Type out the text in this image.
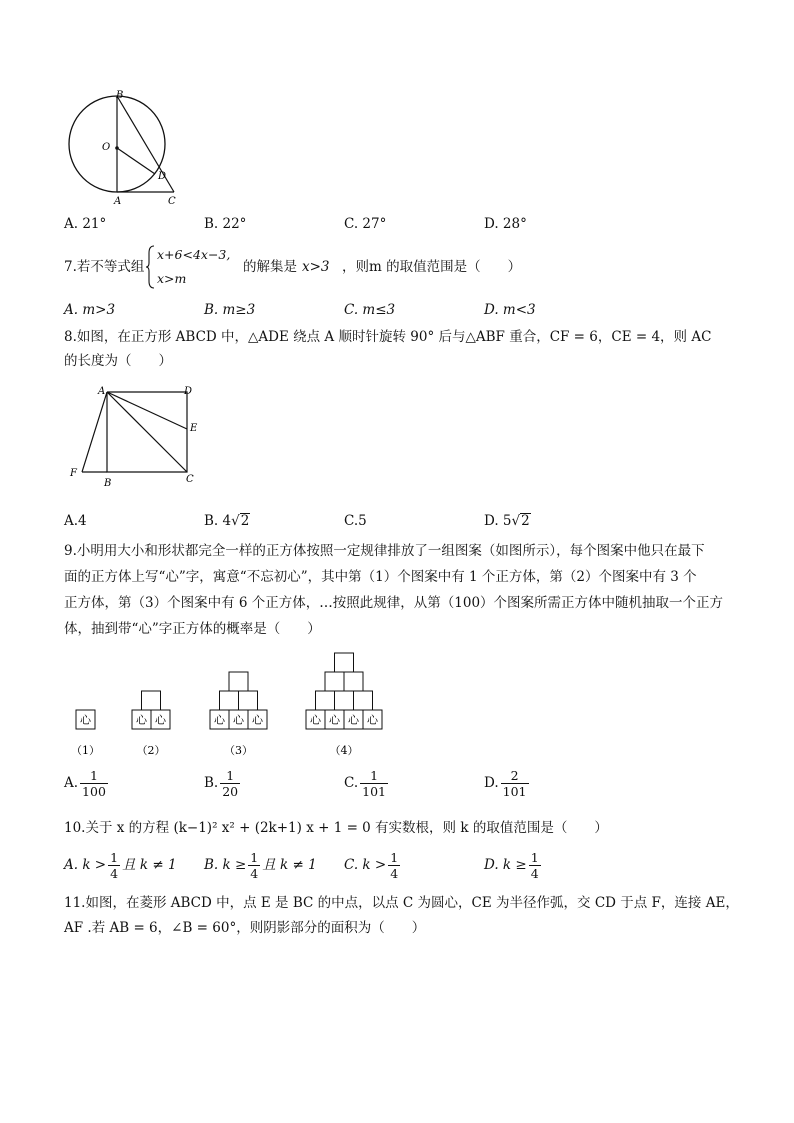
B
O
D
A	C
A. 21°	B. 22°	C. 27°	D. 28°
7.若不等式组
x+6<4x−3,
x>m
的解集是 x>3 ，则m 的取值范围是（　　）
A. m>3	B. m≥3	C. m≤3	D. m<3
8.如图，在正方形 ABCD 中，△ADE 绕点 A 顺时针旋转 90° 后与△ABF 重合，CF = 6，CE = 4，则 AC
的长度为（　　）
A	D
E
F
B	C
A.4	B. 4√2	C.5	D. 5√2
9.小明用大小和形状都完全一样的正方体按照一定规律排放了一组图案（如图所示），每个图案中他只在最下
面的正方体上写“心”字，寓意“不忘初心”，其中第（1）个图案中有 1 个正方体，第（2）个图案中有 3 个
正方体，第（3）个图案中有 6 个正方体，…按照此规律，从第（100）个图案所需正方体中随机抽取一个正方
体，抽到带“心”字正方体的概率是（　　）
心
（1）
心 心
（2）
心 心 心
（3）
心 心 心 心
（4）
A. $\frac{1}{100}$	B. $\frac{1}{20}$	C. $\frac{1}{101}$	D. $\frac{2}{101}$
10.关于 x 的方程 (k−1)² x² + (2k+1) x + 1 = 0 有实数根，则 k 的取值范围是（　　）
A. $k > \frac{1}{4}$ 且 k ≠ 1 B. $k \ge \frac{1}{4}$ 且 k ≠ 1 C. $k > \frac{1}{4}$	D. $k \ge \frac{1}{4}$
11.如图，在菱形 ABCD 中，点 E 是 BC 的中点，以点 C 为圆心，CE 为半径作弧，交 CD 于点 F，连接 AE，
AF .若 AB = 6，∠B = 60°，则阴影部分的面积为（　　）
